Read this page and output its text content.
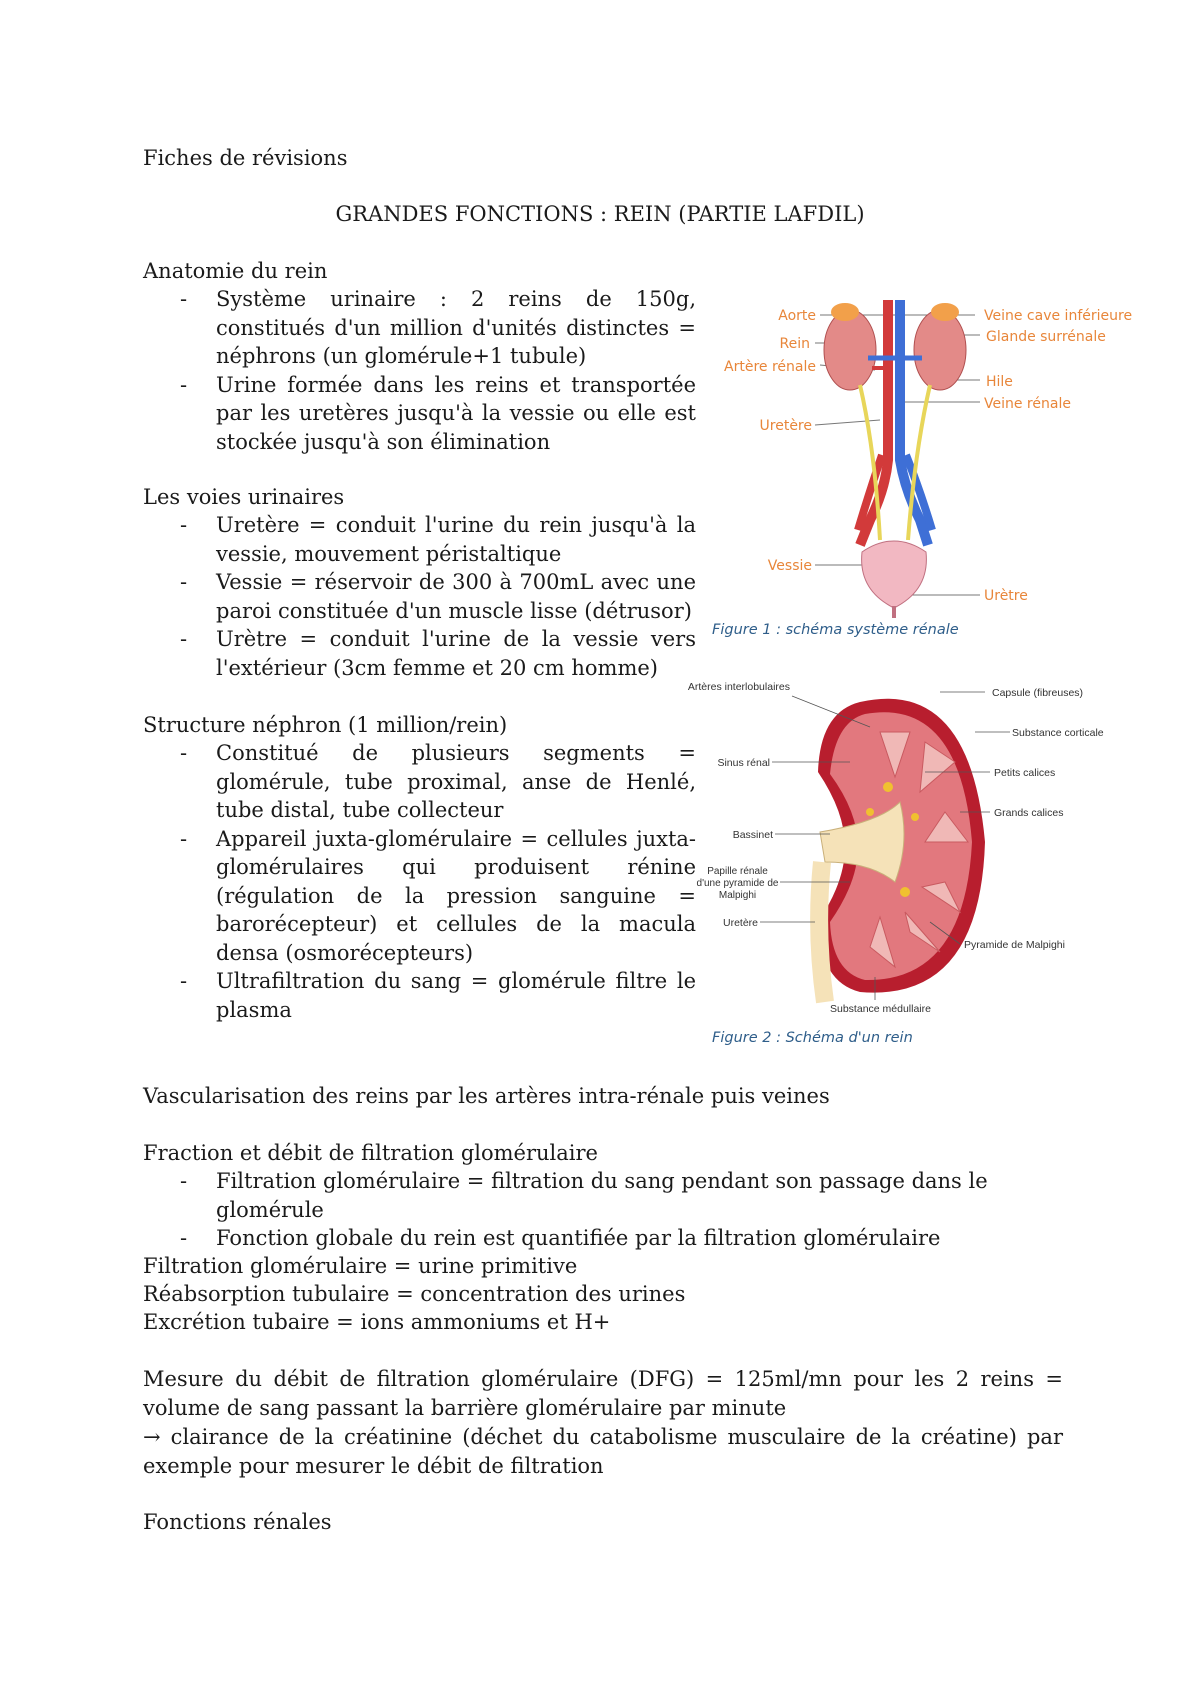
Fiches de révisions
GRANDES FONCTIONS : REIN (PARTIE LAFDIL)
Anatomie du rein
- Système urinaire : 2 reins de 150g, constitués d'un million d'unités distinctes = néphrons (un glomérule+1 tubule)
- Urine formée dans les reins et transportée par les uretères jusqu'à la vessie ou elle est stockée jusqu'à son élimination
Les voies urinaires
- Uretère = conduit l'urine du rein jusqu'à la vessie, mouvement péristaltique
- Vessie = réservoir de 300 à 700mL avec une paroi constituée d'un muscle lisse (détrusor)
- Urètre = conduit l'urine de la vessie vers l'extérieur (3cm femme et 20 cm homme)
Structure néphron (1 million/rein)
- Constitué de plusieurs segments = glomérule, tube proximal, anse de Henlé, tube distal, tube collecteur
- Appareil juxta-glomérulaire = cellules juxta-glomérulaires qui produisent rénine (régulation de la pression sanguine = barorécepteur) et cellules de la macula densa (osmorécepteurs)
- Ultrafiltration du sang = glomérule filtre le plasma
Vascularisation des reins par les artères intra-rénale puis veines
Fraction et débit de filtration glomérulaire
- Filtration glomérulaire = filtration du sang pendant son passage dans le glomérule
- Fonction globale du rein est quantifiée par la filtration glomérulaire
Filtration glomérulaire = urine primitive
Réabsorption tubulaire = concentration des urines
Excrétion tubaire = ions ammoniums et H+
Mesure du débit de filtration glomérulaire (DFG) = 125ml/mn pour les 2 reins = volume de sang passant la barrière glomérulaire par minute
→ clairance de la créatinine (déchet du catabolisme musculaire de la créatine) par exemple pour mesurer le débit de filtration
Fonctions rénales
Aorte
Rein
Artère rénale
Uretère
Vessie
Veine cave inférieure
Glande surrénale
Hile
Veine rénale
Urètre
Figure 1 : schéma système rénale
Artères interlobulaires
Sinus rénal
Bassinet
Papille rénale d'une pyramide de Malpighi
Uretère
Capsule (fibreuses)
Substance corticale
Petits calices
Grands calices
Pyramide de Malpighi
Substance médullaire
Figure 2 : Schéma d'un rein
